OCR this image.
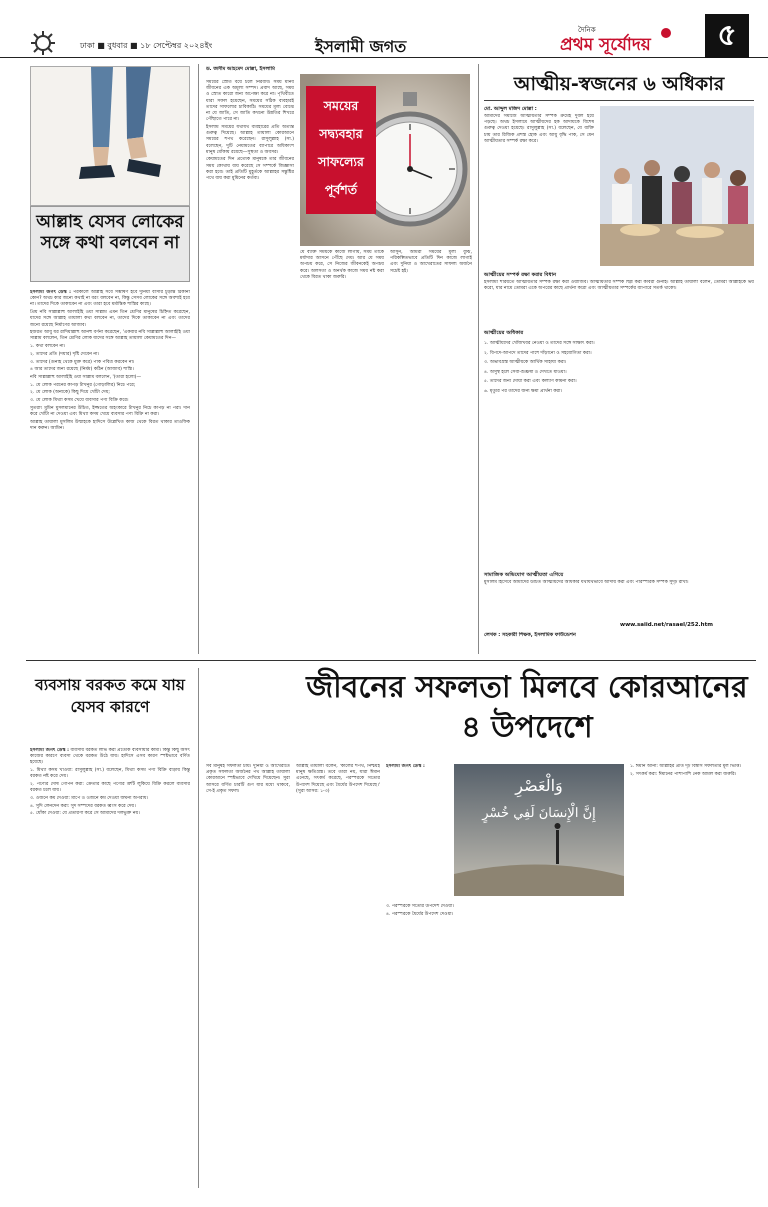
ঢাকা ■ বুধবার ■ ১৮ সেপ্টেম্বর ২০২৪ইং	ইসলামী জগত
দৈনিক
প্রথম সূর্যোদয়	৫
আল্লাহ যেসব লোকের সঙ্গে কথা বলবেন না

ইসলামী জগৎ ডেস্ক : পরকালে আল্লাহ সবে সম্ভাষণ হবে দুনিয়া বাসার চূড়ান্ত ঠিকানা কোন? অথচ কার জন্যে কথাই না বরং বলবেন না, কিন্তু সেসব লোকের সঙ্গে অবশ্যই হবে না। তাদের দিকে তাকাবেন না এবং তারা হবে মর্মান্তিক শাস্তির কাছে।

প্রিয় নবি সাল্লাল্লাহু আলাইহি ওয়া সাল্লাম এমন তিন শ্রেণির মানুষের চিহ্নিত করেছেন, যাদের সঙ্গে আল্লাহ তায়ালা কথা বলবেন না, তাদের দিকে তাকাবেন না এবং তাদের জন্যে রয়েছে নির্মাণের আজাব।

হজরত আবু যর রাদিয়াল্লাহু আনহু বর্ণনা করেছেন, 'একবার নবি সাল্লাল্লাহু আলাইহি ওয়া সাল্লাম বললেন, তিন শ্রেণির লোক যাদের সঙ্গে আল্লাহ তায়ালা কেয়ামতের দিন—

১. কথা বলবেন না।

২. তাদের প্রতি (দয়ার) দৃষ্টি দেবেন না।

৩. তাদের (গুনাহ থেকে মুক্ত করে) পাক পবিত্র করবেন না।

৪ আর তাদের জন্য রয়েছে (নির্মম) কঠিন (আজাব) শাস্তি।

নবি সাল্লাল্লাহু আলাইহি ওয়া সাল্লাম বললেন, '(তারা হলো)—

১. যে লোক পরনের কাপড় টাখনুর (গোড়ালির) নিচে পরে;

২. যে লোক (অন্যকে) কিছু দিয়ে খোঁটা দেয়;

৩. যে লোক মিথ্যা কসম খেয়ে ব্যবসার পণ্য বিক্রি করে।

সুতরাং মুমিন মুসলমানের উচিত, ইজ্জতের অহংকারে টাখনুর নিচে কাপড় না পরা। দান করে খোঁটা না দেওয়া এবং মিথ্যা কসম খেয়ে ব্যবসার পণ্য বিক্রি না করা।

আল্লাহ তায়ালা মুসলিম উম্মাহকে হাদিসে উল্লেখিত কাজ থেকে বিরত থাকার তাওফিক দান করুন। আমিন।

ড. জসীম আহমেদ মোল্লা, ইসলামি
সময়ের
সদ্ব্যবহার
সাফল্যের
পূর্বশর্ত

সময়ের স্রোত বয়ে চলে নিরবধি। সময় মানব জীবনের এক অমূল্য সম্পদ। প্রবাদ আছে, সময় ও স্রোত কারো জন্য অপেক্ষা করে না। পৃথিবীতে যারা সফল হয়েছেন, সময়ের সঠিক ব্যবহারই তাদের সাফল্যের চাবিকাঠি। সময়ের মূল্য বোঝে না যে জাতি, সে জাতি কখনো উন্নতির শিখরে পৌঁছাতে পারে না।

ইসলাম সময়ের যথাযথ ব্যবহারের প্রতি অত্যন্ত গুরুত্ব দিয়েছে। আল্লাহ তায়ালা কোরআনে সময়ের শপথ করেছেন। রাসুলুল্লাহ (সা.) বলেছেন, দুটি নেয়ামতের ব্যাপারে অধিকাংশ মানুষ ধোঁকায় রয়েছে—সুস্থতা ও অবসর।

কেয়ামতের দিন প্রত্যেক মানুষকে তার জীবনের সময় কোথায় ব্যয় করেছে সে সম্পর্কে জিজ্ঞাসা করা হবে। তাই প্রতিটি মুহূর্তকে আল্লাহর সন্তুষ্টির পথে ব্যয় করা মুমিনের কর্তব্য।

যে ব্যক্তি সময়কে কাজে লাগায়, সময় তাকে মর্যাদার আসনে পৌঁছে দেয়। আর যে সময় অপচয় করে, সে নিজের জীবনকেই অপচয় করে। অলসতা ও অনর্থক কাজে সময় নষ্ট করা থেকে বিরত থাকা জরুরি।

আসুন, আমরা সময়ের মূল্য বুঝি, পরিকল্পিতভাবে প্রতিটি দিন কাজে লাগাই এবং দুনিয়া ও আখেরাতের সাফল্য অর্জনে সচেষ্ট হই।

আত্মীয়-স্বজনের ৬ অধিকার
মো. আব্দুল মজিদ মোল্লা :

আমাদের সমাজে আত্মীয়তার সম্পর্ক ক্রমেই দুর্বল হয়ে পড়ছে। অথচ ইসলামে আত্মীয়দের হক আদায়কে বিশেষ গুরুত্ব দেওয়া হয়েছে। রাসুলুল্লাহ (সা.) বলেছেন, যে ব্যক্তি চায় তার রিজিক প্রশস্ত হোক এবং আয়ু বৃদ্ধি পাক, সে যেন আত্মীয়তার সম্পর্ক রক্ষা করে।

আত্মীয়ের সম্পর্ক রক্ষা করার বিধান

ইসলামী শরিয়তে আত্মীয়তার সম্পর্ক রক্ষা করা ওয়াজিব। আত্মীয়তার সম্পর্ক ছিন্ন করা কবিরা গুনাহ। আল্লাহ তায়ালা বলেন, তোমরা আল্লাহকে ভয় করো, যার নামে তোমরা একে অপরের কাছে প্রার্থনা করো এবং আত্মীয়তার সম্পর্কের ব্যাপারে সতর্ক থাকো।

আত্মীয়ের অধিকার

১. আত্মীয়দের খোঁজখবর নেওয়া ও তাদের সঙ্গে সাক্ষাৎ করা।

২. বিপদে-আপদে তাদের পাশে দাঁড়ানো ও সহযোগিতা করা।

৩. অভাবগ্রস্ত আত্মীয়কে আর্থিক সাহায্য করা।

৪. অসুস্থ হলে সেবা-শুশ্রূষা ও দেখতে যাওয়া।

৫. তাদের জন্য দোয়া করা এবং কল্যাণ কামনা করা।

৬. মৃত্যুর পর তাদের জন্য ক্ষমা প্রার্থনা করা।

সামাজিক অভিযোগ আত্মীয়তা এগিয়ে

মুসলিম হিসেবে আমাদের উচিত আত্মীয়দের অধিকার যথাযথভাবে আদায় করা এবং পারস্পরিক সম্পর্ক সুদৃঢ় রাখা।

www.saiid.net/rasael/252.htm
লেখক : সহকারী শিক্ষক, ইসলামিক ফাউন্ডেশন
ব্যবসায় বরকত কমে যায় যেসব কারণে

ইসলামী জগৎ ডেস্ক : ব্যবসায় বরকত লাভ করা প্রত্যেক ব্যবসায়ীর কাম্য। কিন্তু কিছু অসৎ কাজের কারণে ব্যবসা থেকে বরকত উঠে যায়। হাদিসে এসব কারণ স্পষ্টভাবে বর্ণিত হয়েছে।

১. মিথ্যা কসম খাওয়া: রাসুলুল্লাহ (সা.) বলেছেন, মিথ্যা কসম পণ্য বিক্রি বাড়ায় কিন্তু বরকত নষ্ট করে দেয়।

২. পণ্যের দোষ গোপন করা: ক্রেতার কাছে পণ্যের ত্রুটি লুকিয়ে বিক্রি করলে ব্যবসার বরকত চলে যায়।

৩. ওজনে কম দেওয়া: মাপে ও ওজনে কম দেওয়া জঘন্য অপরাধ।

৪. সুদি লেনদেন করা: সুদ সম্পদের বরকত ধ্বংস করে দেয়।

৫. ধোঁকা দেওয়া: যে প্রতারণা করে সে আমাদের দলভুক্ত নয়।

জীবনের সফলতা মিলবে কোরআনের ৪ উপদেশে
وَالْعَصْرِ
إِنَّ الْإِنسَانَ لَفِي خُسْرٍ

সব মানুষই সফলতা চায়। দুনিয়া ও আখেরাতে প্রকৃত সফলতা অর্জনের পথ আল্লাহ তায়ালা কোরআনে স্পষ্টভাবে দেখিয়ে দিয়েছেন। সুরা আসরে বর্ণিত চারটি গুণ যার মধ্যে থাকবে, সে-ই প্রকৃত সফল।

আল্লাহ তায়ালা বলেন, 'কালের শপথ, নিশ্চয়ই মানুষ ক্ষতিগ্রস্ত। তবে তারা নয়, যারা ঈমান এনেছে, সৎকর্ম করেছে, পরস্পরকে সত্যের উপদেশ দিয়েছে এবং ধৈর্যের উপদেশ দিয়েছে।' (সুরা আসর: ১-৩)

ইসলামী জগৎ ডেস্ক :	১. ঈমান আনা: আল্লাহর প্রতি দৃঢ় বিশ্বাস সফলতার মূল ভিত্তি।

২. সৎকর্ম করা: ঈমানের পাশাপাশি নেক আমল করা জরুরি।

৩. পরস্পরকে সত্যের উপদেশ দেওয়া।

৪. পরস্পরকে ধৈর্যের উপদেশ দেওয়া।
